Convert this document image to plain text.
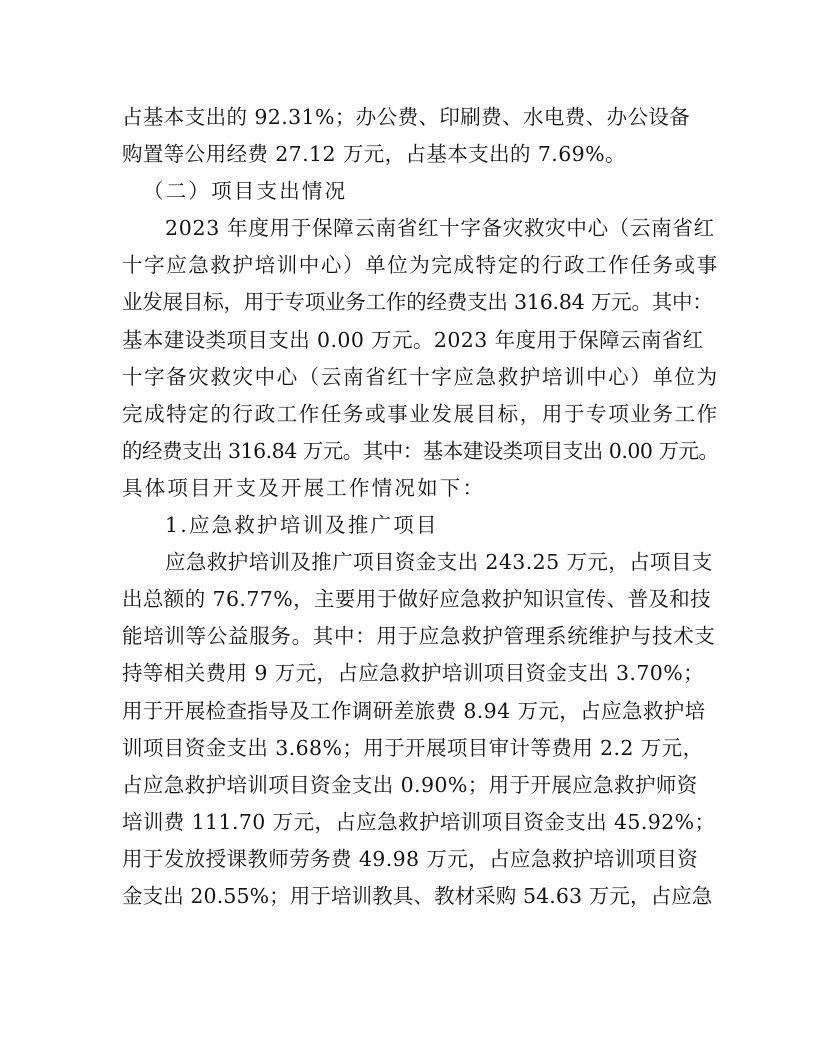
占基本支出的 92.31%；办公费、印刷费、水电费、办公设备
购置等公用经费 27.12 万元，占基本支出的 7.69%。
（二）项目支出情况
2023 年度用于保障云南省红十字备灾救灾中心（云南省红
十字应急救护培训中心）单位为完成特定的行政工作任务或事
业发展目标，用于专项业务工作的经费支出 316.84 万元。其中：
基本建设类项目支出 0.00 万元。2023 年度用于保障云南省红
十字备灾救灾中心（云南省红十字应急救护培训中心）单位为
完成特定的行政工作任务或事业发展目标，用于专项业务工作
的经费支出 316.84 万元。其中：基本建设类项目支出 0.00 万元。
具体项目开支及开展工作情况如下：
1.应急救护培训及推广项目
应急救护培训及推广项目资金支出 243.25 万元，占项目支
出总额的 76.77%，主要用于做好应急救护知识宣传、普及和技
能培训等公益服务。其中：用于应急救护管理系统维护与技术支
持等相关费用 9 万元，占应急救护培训项目资金支出 3.70%；
用于开展检查指导及工作调研差旅费 8.94 万元，占应急救护培
训项目资金支出 3.68%；用于开展项目审计等费用 2.2 万元，
占应急救护培训项目资金支出 0.90%；用于开展应急救护师资
培训费 111.70 万元，占应急救护培训项目资金支出 45.92%；
用于发放授课教师劳务费 49.98 万元，占应急救护培训项目资
金支出 20.55%；用于培训教具、教材采购 54.63 万元，占应急
